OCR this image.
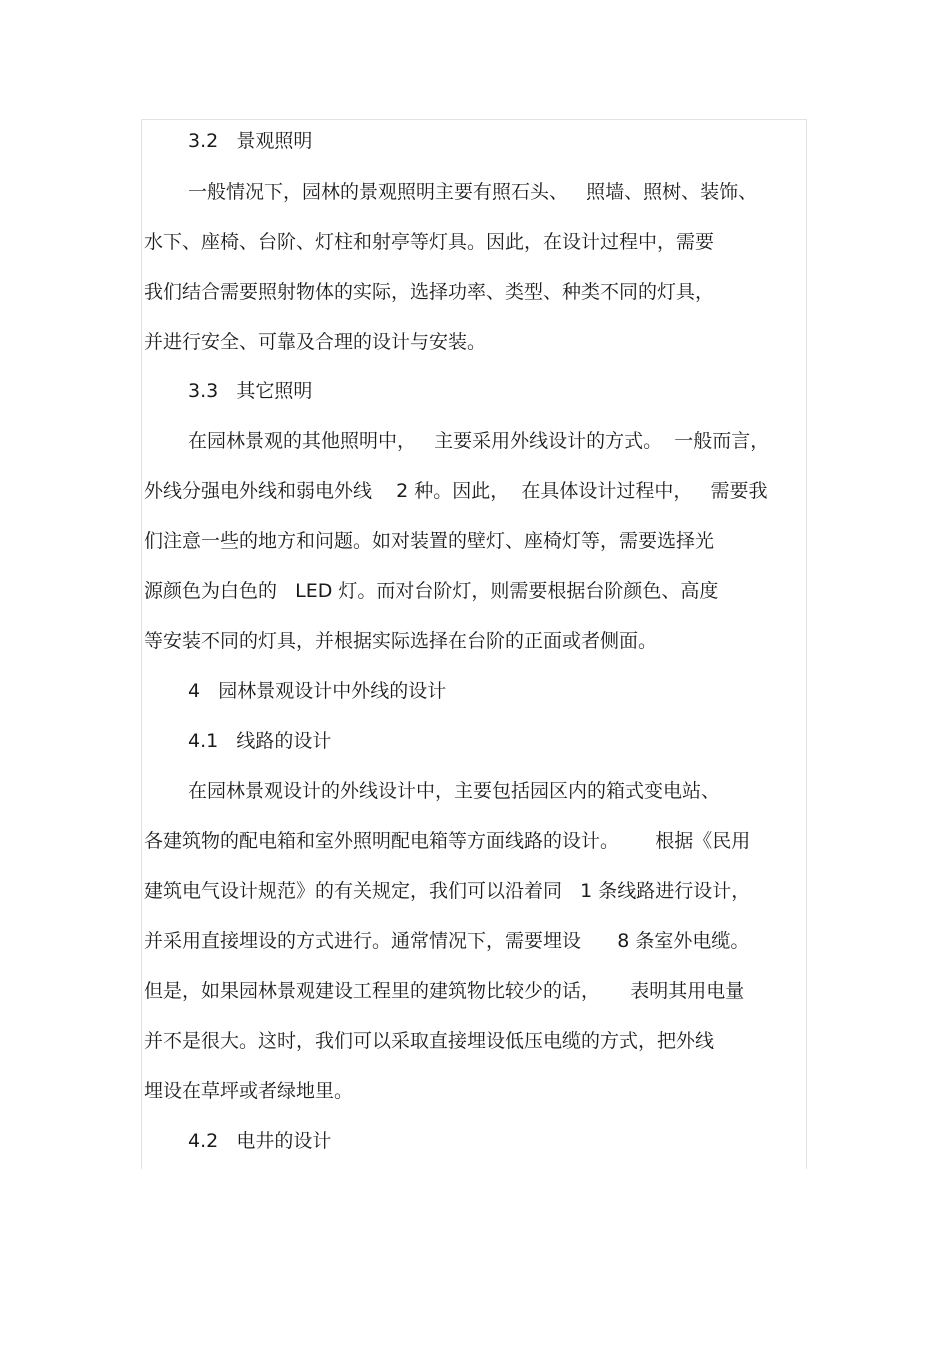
3.2   景观照明
一般情况下，园林的景观照明主要有照石头、   照墙、照树、装饰、
水下、座椅、台阶、灯柱和射亭等灯具。因此，在设计过程中，需要
我们结合需要照射物体的实际，选择功率、类型、种类不同的灯具，
并进行安全、可靠及合理的设计与安装。
3.3   其它照明
在园林景观的其他照明中，   主要采用外线设计的方式。  一般而言，
外线分强电外线和弱电外线    2 种。因此，  在具体设计过程中，   需要我
们注意一些的地方和问题。如对装置的壁灯、座椅灯等，需要选择光
源颜色为白色的   LED 灯。而对台阶灯，则需要根据台阶颜色、高度
等安装不同的灯具，并根据实际选择在台阶的正面或者侧面。
4   园林景观设计中外线的设计
4.1   线路的设计
在园林景观设计的外线设计中，主要包括园区内的箱式变电站、
各建筑物的配电箱和室外照明配电箱等方面线路的设计。      根据《民用
建筑电气设计规范》的有关规定，我们可以沿着同   1 条线路进行设计，
并采用直接埋设的方式进行。通常情况下，需要埋设      8 条室外电缆。
但是，如果园林景观建设工程里的建筑物比较少的话，     表明其用电量
并不是很大。这时，我们可以采取直接埋设低压电缆的方式，把外线
埋设在草坪或者绿地里。
4.2   电井的设计
